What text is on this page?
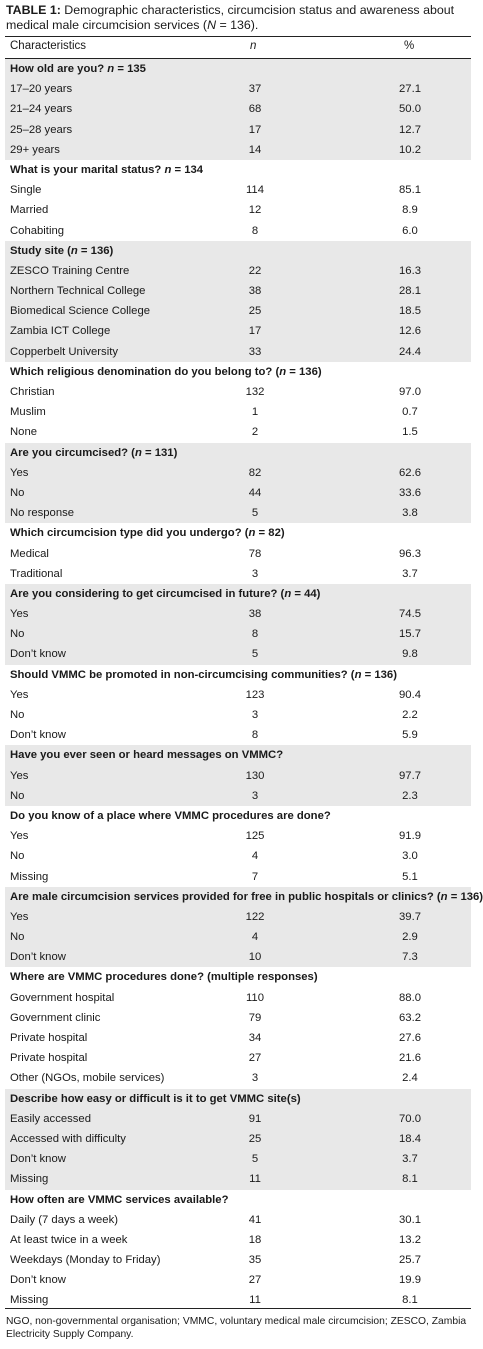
TABLE 1: Demographic characteristics, circumcision status and awareness about medical male circumcision services (N = 136).
Characteristics	n	%
How old are you? n = 135
17–20 years	37	27.1
21–24 years	68	50.0
25–28 years	17	12.7
29+ years	14	10.2
What is your marital status? n = 134
Single	114	85.1
Married	12	8.9
Cohabiting	8	6.0
Study site (n = 136)
ZESCO Training Centre	22	16.3
Northern Technical College	38	28.1
Biomedical Science College	25	18.5
Zambia ICT College	17	12.6
Copperbelt University	33	24.4
Which religious denomination do you belong to? (n = 136)
Christian	132	97.0
Muslim	1	0.7
None	2	1.5
Are you circumcised? (n = 131)
Yes	82	62.6
No	44	33.6
No response	5	3.8
Which circumcision type did you undergo? (n = 82)
Medical	78	96.3
Traditional	3	3.7
Are you considering to get circumcised in future? (n = 44)
Yes	38	74.5
No	8	15.7
Don’t know	5	9.8
Should VMMC be promoted in non-circumcising communities? (n = 136)
Yes	123	90.4
No	3	2.2
Don’t know	8	5.9
Have you ever seen or heard messages on VMMC?
Yes	130	97.7
No	3	2.3
Do you know of a place where VMMC procedures are done?
Yes	125	91.9
No	4	3.0
Missing	7	5.1
Are male circumcision services provided for free in public hospitals or clinics? (n = 136)
Yes	122	39.7
No	4	2.9
Don’t know	10	7.3
Where are VMMC procedures done? (multiple responses)
Government hospital	110	88.0
Government clinic	79	63.2
Private hospital	34	27.6
Private hospital	27	21.6
Other (NGOs, mobile services)	3	2.4
Describe how easy or difficult is it to get VMMC site(s)
Easily accessed	91	70.0
Accessed with difficulty	25	18.4
Don’t know	5	3.7
Missing	11	8.1
How often are VMMC services available?
Daily (7 days a week)	41	30.1
At least twice in a week	18	13.2
Weekdays (Monday to Friday)	35	25.7
Don’t know	27	19.9
Missing	11	8.1
NGO, non-governmental organisation; VMMC, voluntary medical male circumcision; ZESCO, Zambia Electricity Supply Company.
